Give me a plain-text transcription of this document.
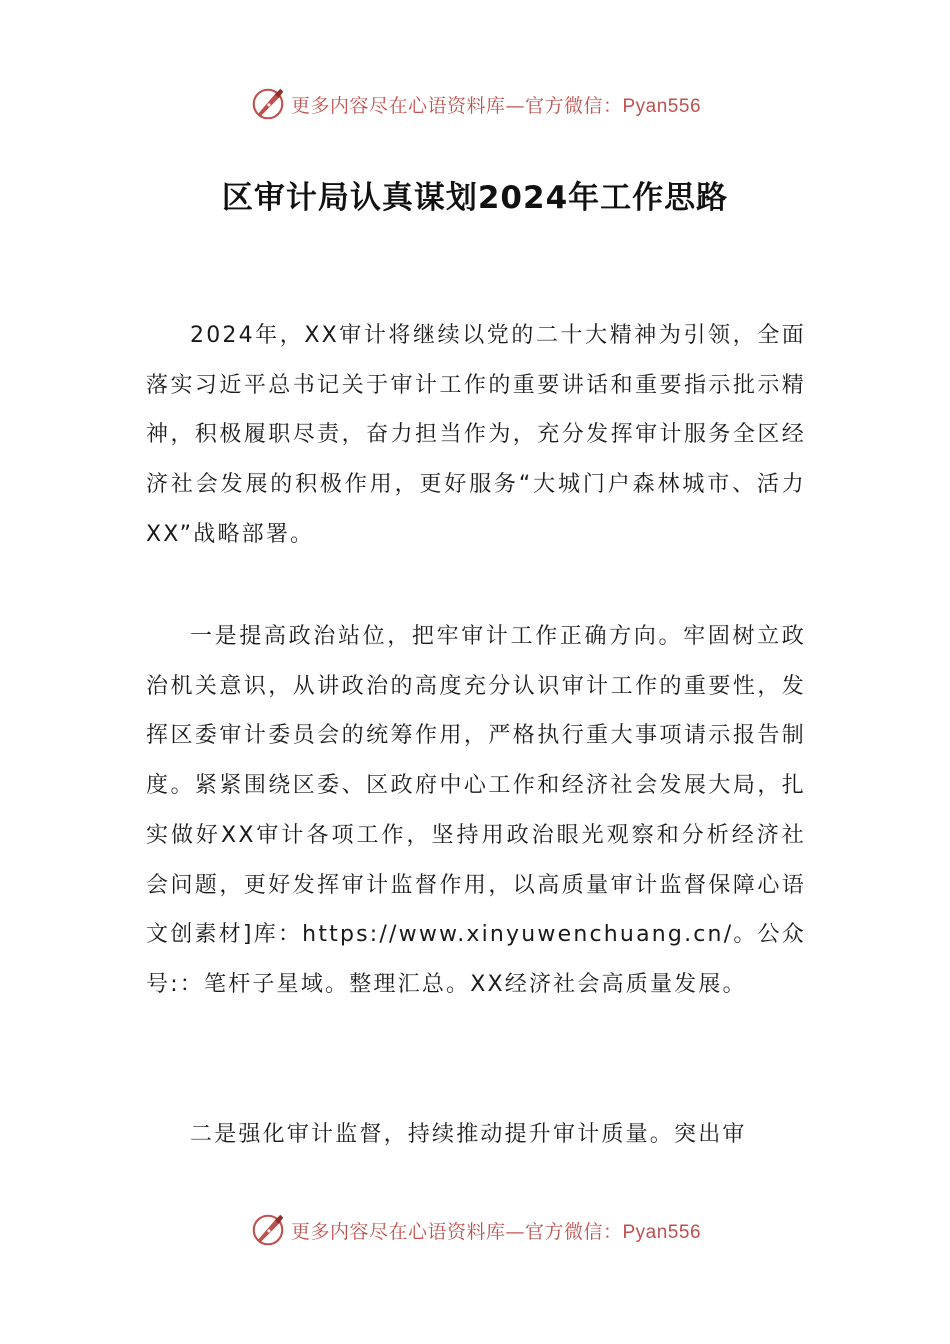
更多内容尽在心语资料库—官方微信：Pyan556
区审计局认真谋划2024年工作思路

2024年，XX审计将继续以党的二十大精神为引领，全面落实习近平总书记关于审计工作的重要讲话和重要指示批示精神，积极履职尽责，奋力担当作为，充分发挥审计服务全区经济社会发展的积极作用，更好服务“大城门户森林城市、活力XX”战略部署。

一是提高政治站位，把牢审计工作正确方向。牢固树立政治机关意识，从讲政治的高度充分认识审计工作的重要性，发挥区委审计委员会的统筹作用，严格执行重大事项请示报告制度。紧紧围绕区委、区政府中心工作和经济社会发展大局，扎实做好XX审计各项工作，坚持用政治眼光观察和分析经济社会问题，更好发挥审计监督作用，以高质量审计监督保障心语文创素材]库：https://www.xinyuwenchuang.cn/。公众号:：笔杆子星域。整理汇总。XX经济社会高质量发展。

二是强化审计监督，持续推动提升审计质量。突出审

更多内容尽在心语资料库—官方微信：Pyan556
